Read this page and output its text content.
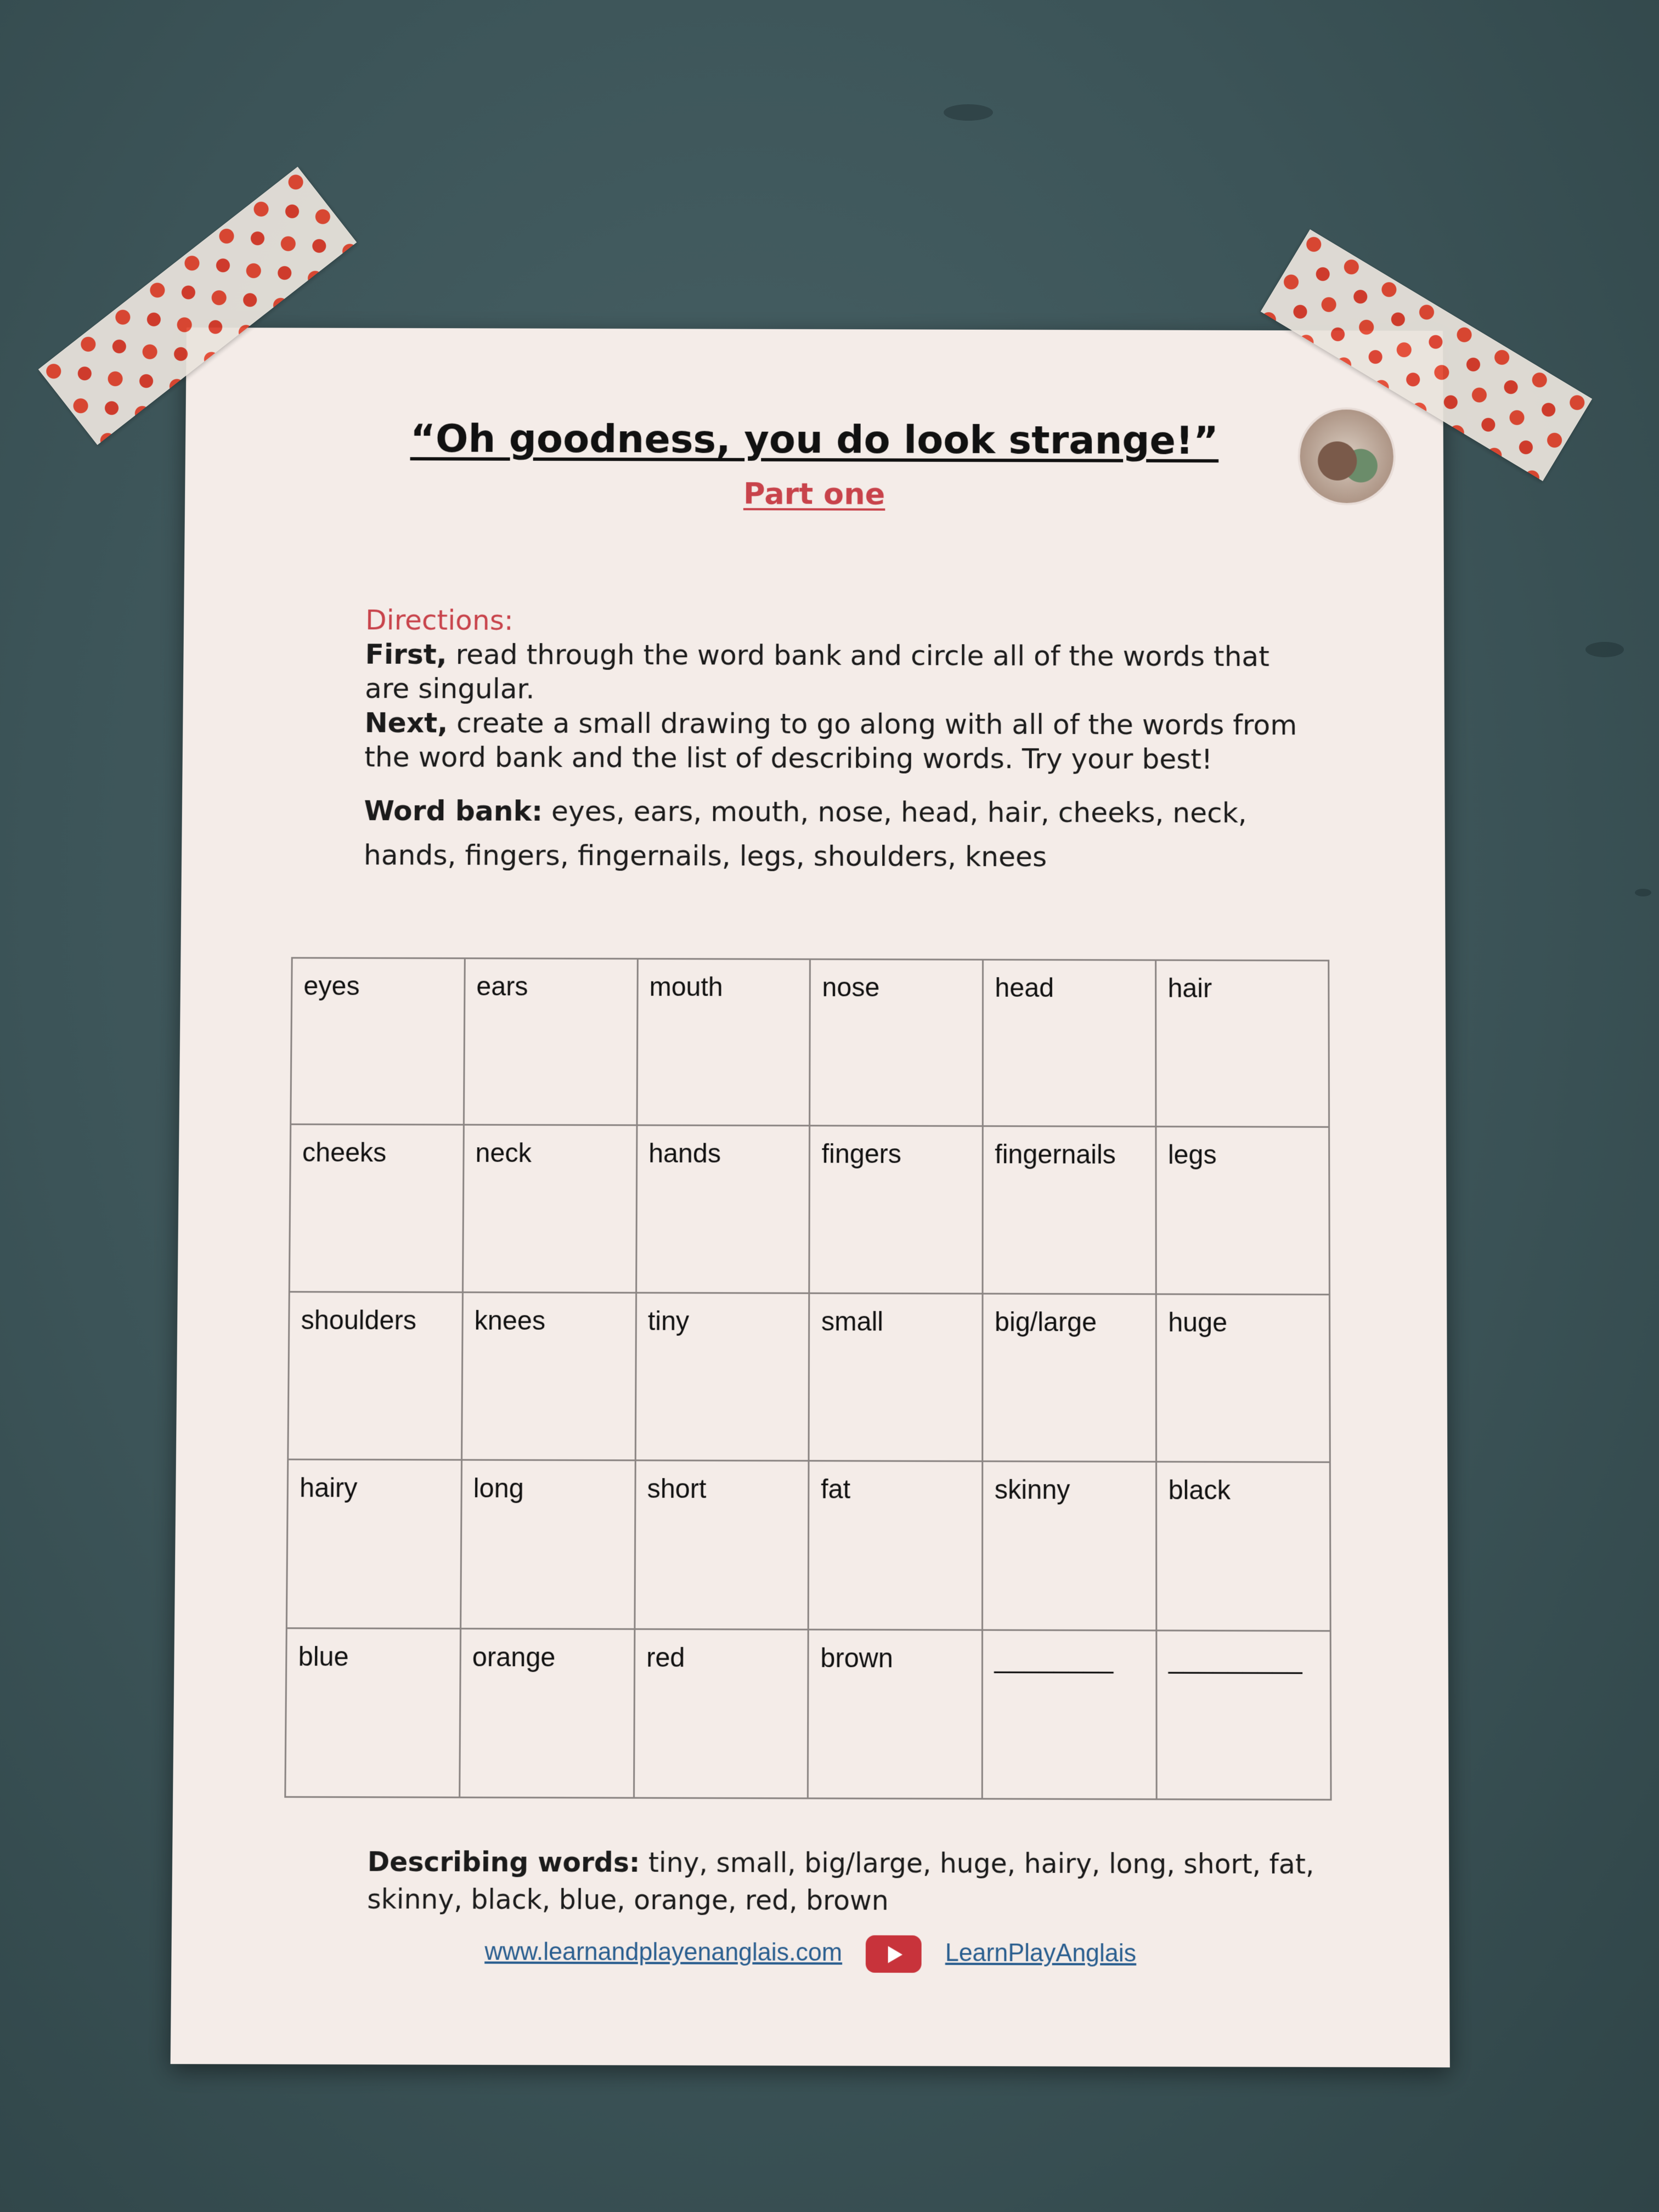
“Oh goodness, you do look strange!”
Part one
Directions:

First, read through the word bank and circle all of the words that are singular.

Next, create a small drawing to go along with all of the words from the word bank and the list of describing words. Try your best!

Word bank: eyes, ears, mouth, nose, head, hair, cheeks, neck, hands, fingers, fingernails, legs, shoulders, knees

eyes	ears	mouth	nose	head	hair
cheeks	neck	hands	fingers	fingernails	legs
shoulders	knees	tiny	small	big/large	huge
hairy	long	short	fat	skinny	black
blue	orange	red	brown	________	_________
Describing words: tiny, small, big/large, huge, hairy, long, short, fat, skinny, black, blue, orange, red, brown
www.learnandplayenanglais.com	LearnPlayAnglais
